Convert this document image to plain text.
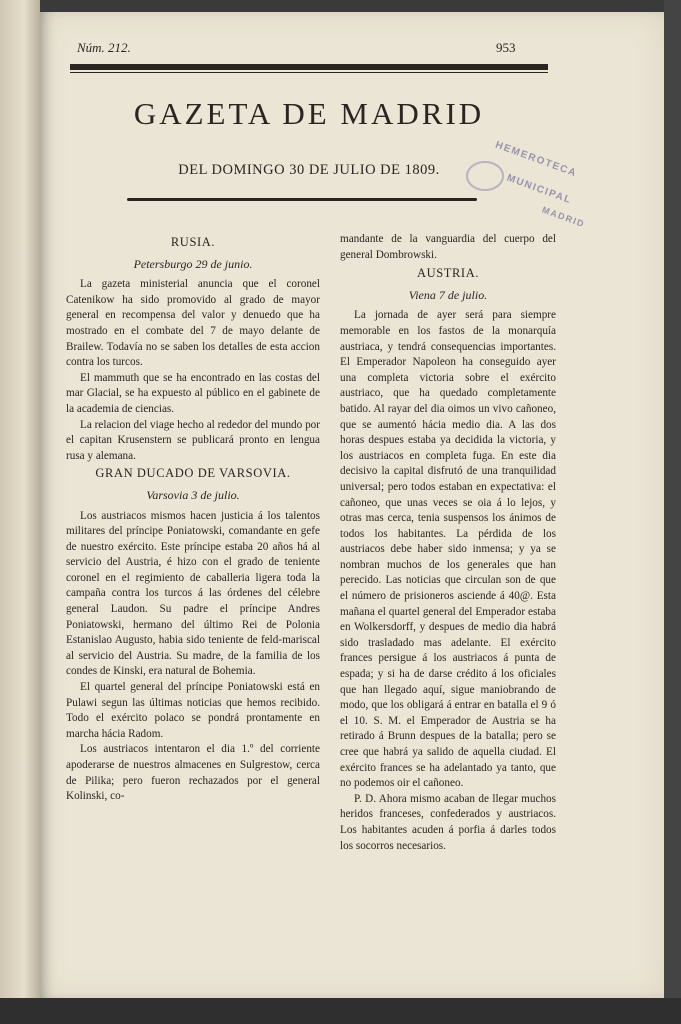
Núm. 212.	953
GAZETA DE MADRID
DEL DOMINGO 30 DE JULIO DE 1809.	HEMEROTECA
MUNICIPAL
MADRID

RUSIA.

Petersburgo 29 de junio.

La gazeta ministerial anuncia que el coronel Catenikow ha sido promovido al grado de mayor general en recompensa del valor y denuedo que ha mostrado en el combate del 7 de mayo delante de Brailew. Todavía no se saben los detalles de esta accion contra los turcos.

El mammuth que se ha encontrado en las costas del mar Glacial, se ha expuesto al público en el gabinete de la academia de ciencias.

La relacion del viage hecho al rededor del mundo por el capitan Krusenstern se publicará pronto en lengua rusa y alemana.

GRAN DUCADO DE VARSOVIA.

Varsovia 3 de julio.

Los austriacos mismos hacen justicia á los talentos militares del príncipe Poniatowski, comandante en gefe de nuestro exército. Este príncipe estaba 20 años há al servicio del Austria, é hizo con el grado de teniente coronel en el regimiento de caballeria ligera toda la campaña contra los turcos á las órdenes del célebre general Laudon. Su padre el príncipe Andres Poniatowski, hermano del último Rei de Polonia Estanislao Augusto, habia sido teniente de feld-mariscal al servicio del Austria. Su madre, de la familia de los condes de Kinski, era natural de Bohemia.

El quartel general del príncipe Poniatowski está en Pulawi segun las últimas noticias que hemos recibido. Todo el exército polaco se pondrá prontamente en marcha hácia Radom.

Los austriacos intentaron el dia 1.º del corriente apoderarse de nuestros almacenes en Sulgrestow, cerca de Pilika; pero fueron rechazados por el general Kolinski, co-

mandante de la vanguardia del cuerpo del general Dombrowski.

AUSTRIA.

Viena 7 de julio.

La jornada de ayer será para siempre memorable en los fastos de la monarquía austriaca, y tendrá consequencias importantes. El Emperador Napoleon ha conseguido ayer una completa victoria sobre el exército austriaco, que ha quedado completamente batido. Al rayar del dia oimos un vivo cañoneo, que se aumentó hácia medio dia. A las dos horas despues estaba ya decidida la victoria, y los austriacos en completa fuga. En este dia decisivo la capital disfrutó de una tranquilidad universal; pero todos estaban en expectativa: el cañoneo, que unas veces se oia á lo lejos, y otras mas cerca, tenia suspensos los ánimos de todos los habitantes. La pérdida de los austriacos debe haber sido inmensa; y ya se nombran muchos de los generales que han perecido. Las noticias que circulan son de que el número de prisioneros asciende á 40@. Esta mañana el quartel general del Emperador estaba en Wolkersdorff, y despues de medio dia habrá sido trasladado mas adelante. El exército frances persigue á los austriacos á punta de espada; y si ha de darse crédito á los oficiales que han llegado aquí, sigue maniobrando de modo, que los obligará á entrar en batalla el 9 ó el 10. S. M. el Emperador de Austria se ha retirado á Brunn despues de la batalla; pero se cree que habrá ya salido de aquella ciudad. El exército frances se ha adelantado ya tanto, que no podemos oir el cañoneo.

P. D. Ahora mismo acaban de llegar muchos heridos franceses, confederados y austriacos. Los habitantes acuden á porfia á darles todos los socorros necesarios.
